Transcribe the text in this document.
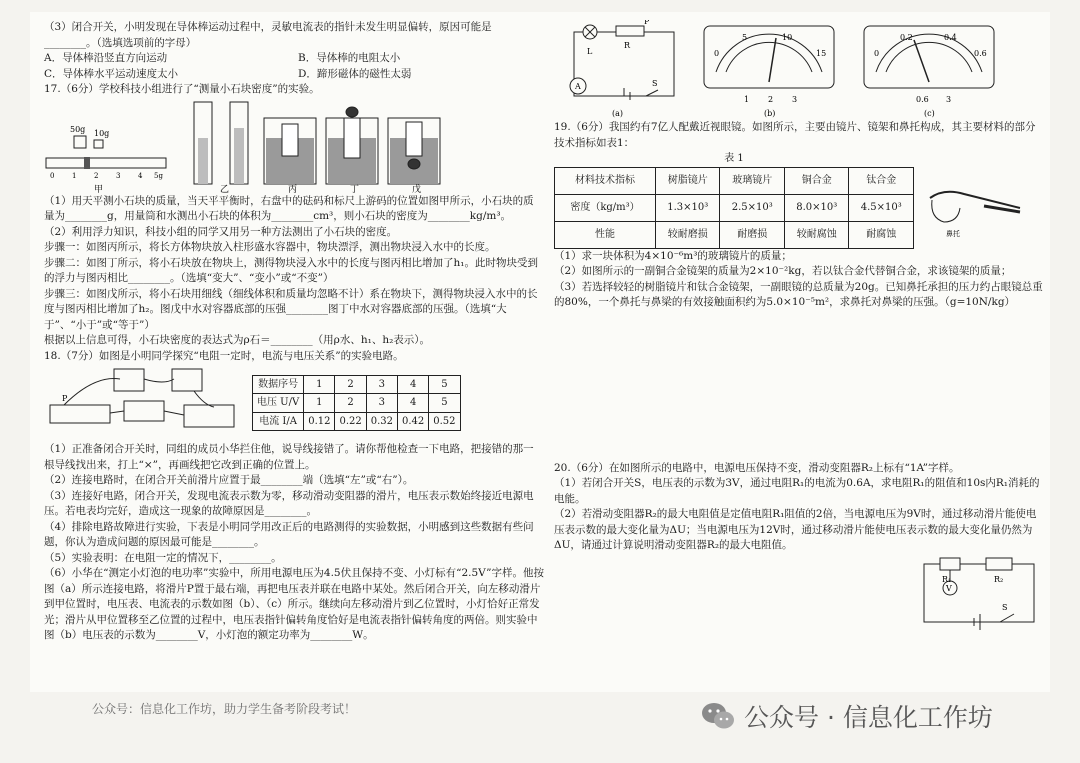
（3）闭合开关，小明发现在导体棒运动过程中，灵敏电流表的指针未发生明显偏转，原因可能是

________。（选填选项前的字母）

A．导体棒沿竖直方向运动	B．导体棒的电阻太小
C．导体棒水平运动速度太小	D．蹄形磁体的磁性太弱

17.（6分）学校科技小组进行了“测量小石块密度”的实验。

50g 10g
0	1	2	3	4 5g
甲	乙	丙	丁	戊

（1）用天平测小石块的质量，当天平平衡时，右盘中的砝码和标尺上游码的位置如图甲所示，小石块的质量为________g，用量筒和水测出小石块的体积为________cm³，则小石块的密度为________kg/m³。

（2）利用浮力知识，科技小组的同学又用另一种方法测出了小石块的密度。

步骤一：如图丙所示，将长方体物块放入柱形盛水容器中，物块漂浮，测出物块浸入水中的长度。

步骤二：如图丁所示，将小石块放在物块上，测得物块浸入水中的长度与图丙相比增加了h₁。此时物块受到的浮力与图丙相比________。（选填“变大”、“变小”或“不变”）

步骤三：如图戊所示，将小石块用细线（细线体积和质量均忽略不计）系在物块下，测得物块浸入水中的长度与图丙相比增加了h₂。图戊中水对容器底部的压强________图丁中水对容器底部的压强。（选填“大于”、“小于”或“等于”）

根据以上信息可得，小石块密度的表达式为ρ石＝________（用ρ水、h₁、h₂表示）。

18.（7分）如图是小明同学探究“电阻一定时，电流与电压关系”的实验电路。

P
数据序号	1	2	3	4	5
电压 U/V	1	2	3	4	5
电流 I/A	0.12	0.22	0.32	0.42	0.52

（1）正准备闭合开关时，同组的成员小华拦住他，说导线接错了。请你帮他检查一下电路，把接错的那一根导线找出来，打上“×”，再画线把它改到正确的位置上。

（2）连接电路时，在闭合开关前滑片应置于最________端（选填“左”或“右”）。

（3）连接好电路，闭合开关，发现电流表示数为零，移动滑动变阻器的滑片，电压表示数始终接近电源电压。若电表均完好，造成这一现象的故障原因是________。

（4）排除电路故障进行实验，下表是小明同学用改正后的电路测得的实验数据，小明感到这些数据有些问题，你认为造成问题的原因最可能是________。

（5）实验表明：在电阻一定的情况下，________。

（6）小华在“测定小灯泡的电功率”实验中，所用电源电压为4.5伏且保持不变、小灯标有“2.5V”字样。他按图（a）所示连接电路，将滑片P置于最右端，再把电压表并联在电路中某处。然后闭合开关，向左移动滑片到甲位置时，电压表、电流表的示数如图（b）、（c）所示。继续向左移动滑片到乙位置时，小灯恰好正常发光；滑片从甲位置移至乙位置的过程中，电压表指针偏转角度恰好是电流表指针偏转角度的两倍。则实验中图（b）电压表的示数为________V，小灯泡的额定功率为________W。

L
R
P
S
A
(a)
0
5	10
15
1 2 3
(b)
0
0.2	0.4
0.6
0.6 3
(c)

19.（6分）我国约有7亿人配戴近视眼镜。如图所示，主要由镜片、镜架和鼻托构成，其主要材料的部分技术指标如表1：

表 1
材料技术指标	树脂镜片	玻璃镜片	铜合金	钛合金
密度（kg/m³）	1.3×10³	2.5×10³	8.0×10³	4.5×10³
性能	较耐磨损	耐磨损	较耐腐蚀	耐腐蚀	鼻托

（1）求一块体积为4×10⁻⁶m³的玻璃镜片的质量；

（2）如图所示的一副铜合金镜架的质量为2×10⁻²kg，若以钛合金代替铜合金，求该镜架的质量；

（3）若选择较轻的树脂镜片和钛合金镜架，一副眼镜的总质量为20g。已知鼻托承担的压力约占眼镜总重的80%，一个鼻托与鼻梁的有效接触面积约为5.0×10⁻⁵m²，求鼻托对鼻梁的压强。（g=10N/kg）

20.（6分）在如图所示的电路中，电源电压保持不变，滑动变阻器R₂上标有“1A”字样。

（1）若闭合开关S，电压表的示数为3V，通过电阻R₁的电流为0.6A，求电阻R₁的阻值和10s内R₁消耗的电能。

（2）若滑动变阻器R₂的最大电阻值是定值电阻R₁阻值的2倍，当电源电压为9V时，通过移动滑片能使电压表示数的最大变化量为ΔU；当电源电压为12V时，通过移动滑片能使电压表示数的最大变化量仍然为ΔU，请通过计算说明滑动变阻器R₂的最大电阻值。

R₁	R₂
V
S
公众号：信息化工作坊，助力学生备考阶段考试！	公众号 · 信息化工作坊
